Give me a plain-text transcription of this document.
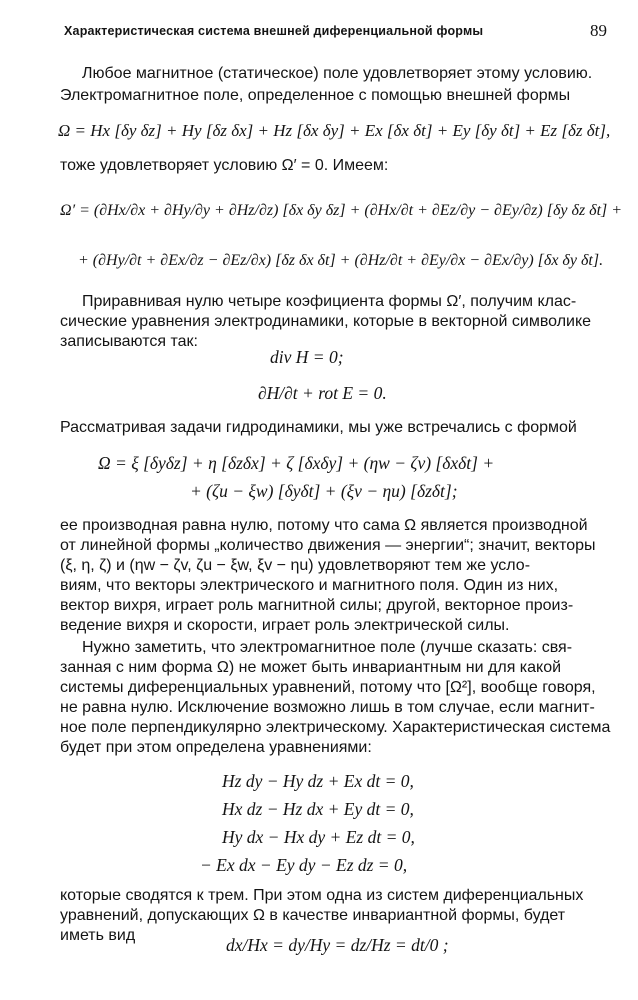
Характеристическая система внешней диференциальной формы	89
Любое магнитное (статическое) поле удовлетворяет этому условию.
Электромагнитное поле, определенное с помощью внешней формы
Ω = Hx [δy δz] + Hy [δz δx] + Hz [δx δy] + Ex [δx δt] + Ey [δy δt] + Ez [δz δt],
тоже удовлетворяет условию Ω′ = 0. Имеем:
Ω′ = (∂Hx/∂x + ∂Hy/∂y + ∂Hz/∂z) [δx δy δz] + (∂Hx/∂t + ∂Ez/∂y − ∂Ey/∂z) [δy δz δt] +
+ (∂Hy/∂t + ∂Ex/∂z − ∂Ez/∂x) [δz δx δt] + (∂Hz/∂t + ∂Ey/∂x − ∂Ex/∂y) [δx δy δt].
Приравнивая нулю четыре коэфициента формы Ω′, получим клас-
сические уравнения электродинамики, которые в векторной символике
записываются так:
div H = 0;
∂H/∂t + rot E = 0.
Рассматривая задачи гидродинамики, мы уже встречались с формой
Ω = ξ [δyδz] + η [δzδx] + ζ [δxδy] + (ηw − ζv) [δxδt] +
+ (ζu − ξw) [δyδt] + (ξv − ηu) [δzδt];
ее производная равна нулю, потому что сама Ω является производной
от линейной формы „количество движения — энергии“; значит, векторы
(ξ, η, ζ) и (ηw − ζv, ζu − ξw, ξv − ηu) удовлетворяют тем же усло-
виям, что векторы электрического и магнитного поля. Один из них,
вектор вихря, играет роль магнитной силы; другой, векторное произ-
ведение вихря и скорости, играет роль электрической силы.
Нужно заметить, что электромагнитное поле (лучше сказать: свя-
занная с ним форма Ω) не может быть инвариантным ни для какой
системы диференциальных уравнений, потому что [Ω²], вообще говоря,
не равна нулю. Исключение возможно лишь в том случае, если магнит-
ное поле перпендикулярно электрическому. Характеристическая система
будет при этом определена уравнениями:
Hz dy − Hy dz + Ex dt = 0,
Hx dz − Hz dx + Ey dt = 0,
Hy dx − Hx dy + Ez dt = 0,
− Ex dx − Ey dy − Ez dz = 0,
которые сводятся к трем. При этом одна из систем диференциальных
уравнений, допускающих Ω в качестве инвариантной формы, будет
иметь вид	dx/Hx = dy/Hy = dz/Hz = dt/0 ;
